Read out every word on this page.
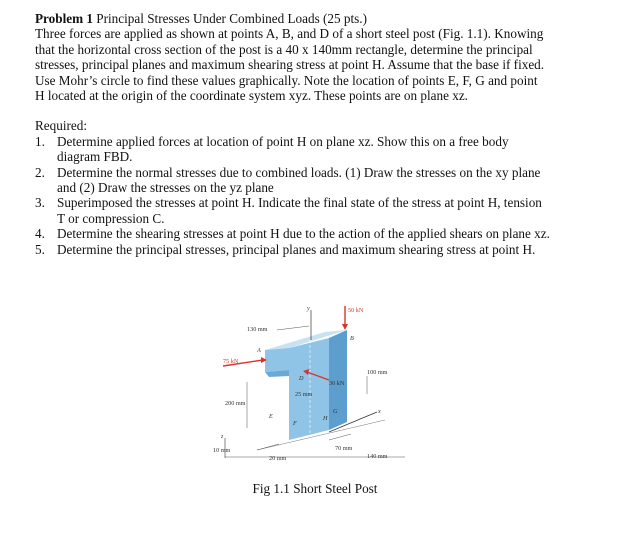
Problem 1 Principal Stresses Under Combined Loads (25 pts.)
Three forces are applied as shown at points A, B, and D of a short steel post (Fig. 1.1). Knowing
that the horizontal cross section of the post is a 40 x 140mm rectangle, determine the principal
stresses, principal planes and maximum shearing stress at point H. Assume that the base if fixed.
Use Mohr’s circle to find these values graphically. Note the location of points E, F, G and point
H located at the origin of the coordinate system xyz. These points are on plane xz.
Required:
1. Determine applied forces at location of point H on plane xz. Show this on a free body
diagram FBD.
2. Determine the normal stresses due to combined loads. (1) Draw the stresses on the xy plane
and (2) Draw the stresses on the yz plane
3. Superimposed the stresses at point H. Indicate the final state of the stress at point H, tension
T or compression C.
4. Determine the shearing stresses at point H due to the action of the applied shears on plane xz.
5. Determine the principal stresses, principal planes and maximum shearing stress at point H.
y
x
z
50 kN
75 kN
30 kN
130 mm
100 mm
25 mm
200 mm
70 mm
140 mm
20 mm
10 mm
A
B
D
E
F
G
H
Fig 1.1 Short Steel Post
